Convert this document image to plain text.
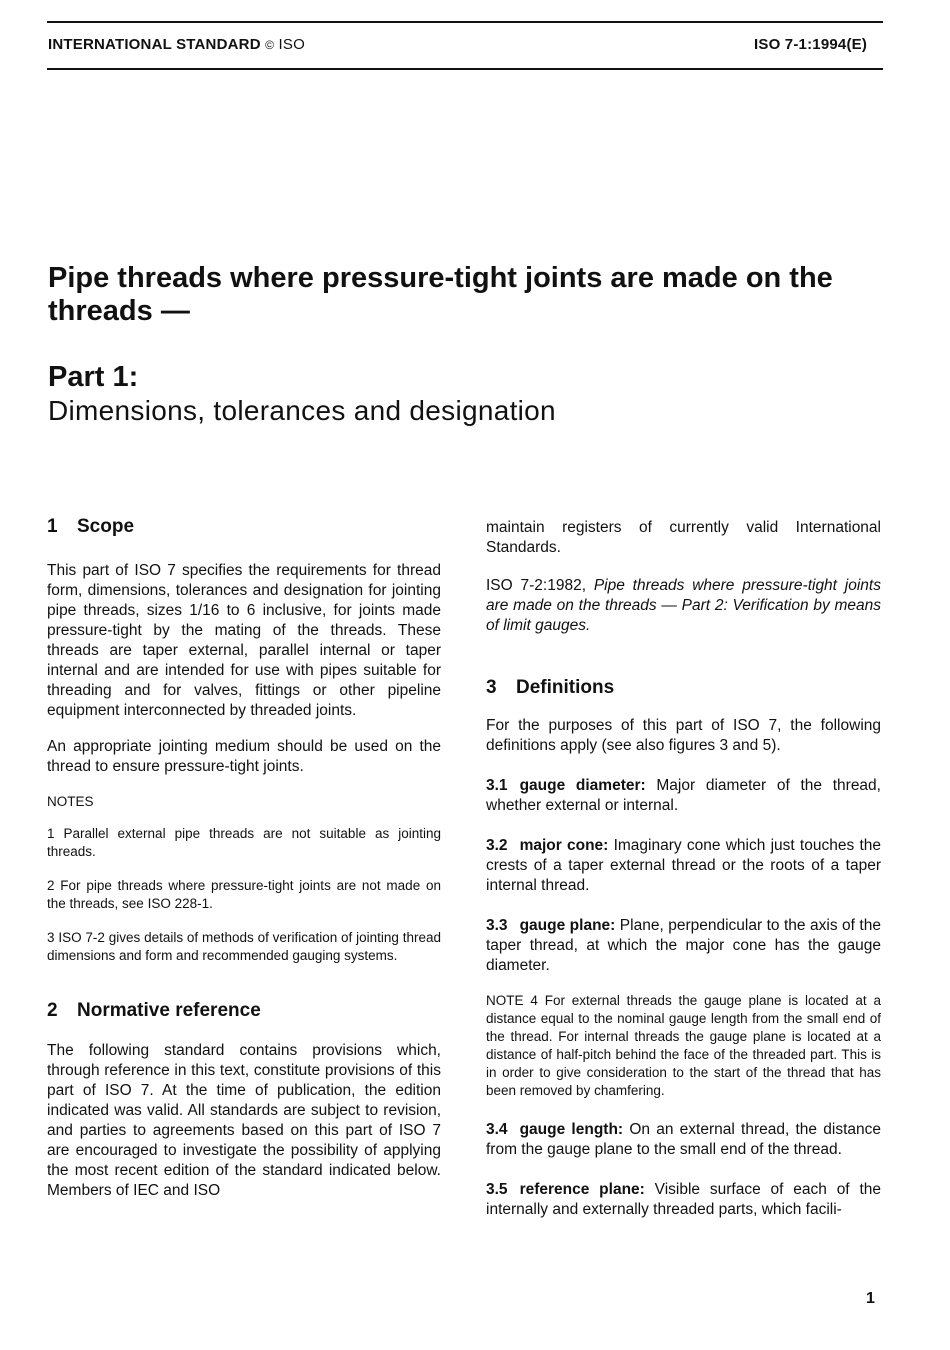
INTERNATIONAL STANDARD © ISO	ISO 7-1:1994(E)
Pipe threads where pressure-tight joints are made on the threads —
Part 1:
Dimensions, tolerances and designation
1 Scope

This part of ISO 7 specifies the requirements for thread form, dimensions, tolerances and designation for jointing pipe threads, sizes 1/16 to 6 inclusive, for joints made pressure-tight by the mating of the threads. These threads are taper external, parallel internal or taper internal and are intended for use with pipes suitable for threading and for valves, fittings or other pipeline equipment interconnected by threaded joints.

An appropriate jointing medium should be used on the thread to ensure pressure-tight joints.

NOTES

1 Parallel external pipe threads are not suitable as jointing threads.

2 For pipe threads where pressure-tight joints are not made on the threads, see ISO 228-1.

3 ISO 7-2 gives details of methods of verification of jointing thread dimensions and form and recommended gauging systems.

2 Normative reference

The following standard contains provisions which, through reference in this text, constitute provisions of this part of ISO 7. At the time of publication, the edition indicated was valid. All standards are subject to revision, and parties to agreements based on this part of ISO 7 are encouraged to investigate the possibility of applying the most recent edition of the standard indicated below. Members of IEC and ISO

maintain registers of currently valid International Standards.

ISO 7-2:1982, Pipe threads where pressure-tight joints are made on the threads — Part 2: Verification by means of limit gauges.

3 Definitions

For the purposes of this part of ISO 7, the following definitions apply (see also figures 3 and 5).

3.1 gauge diameter: Major diameter of the thread, whether external or internal.

3.2 major cone: Imaginary cone which just touches the crests of a taper external thread or the roots of a taper internal thread.

3.3 gauge plane: Plane, perpendicular to the axis of the taper thread, at which the major cone has the gauge diameter.

NOTE 4 For external threads the gauge plane is located at a distance equal to the nominal gauge length from the small end of the thread. For internal threads the gauge plane is located at a distance of half-pitch behind the face of the threaded part. This is in order to give consideration to the start of the thread that has been removed by chamfering.

3.4 gauge length: On an external thread, the distance from the gauge plane to the small end of the thread.

3.5 reference plane: Visible surface of each of the internally and externally threaded parts, which facili-

1
